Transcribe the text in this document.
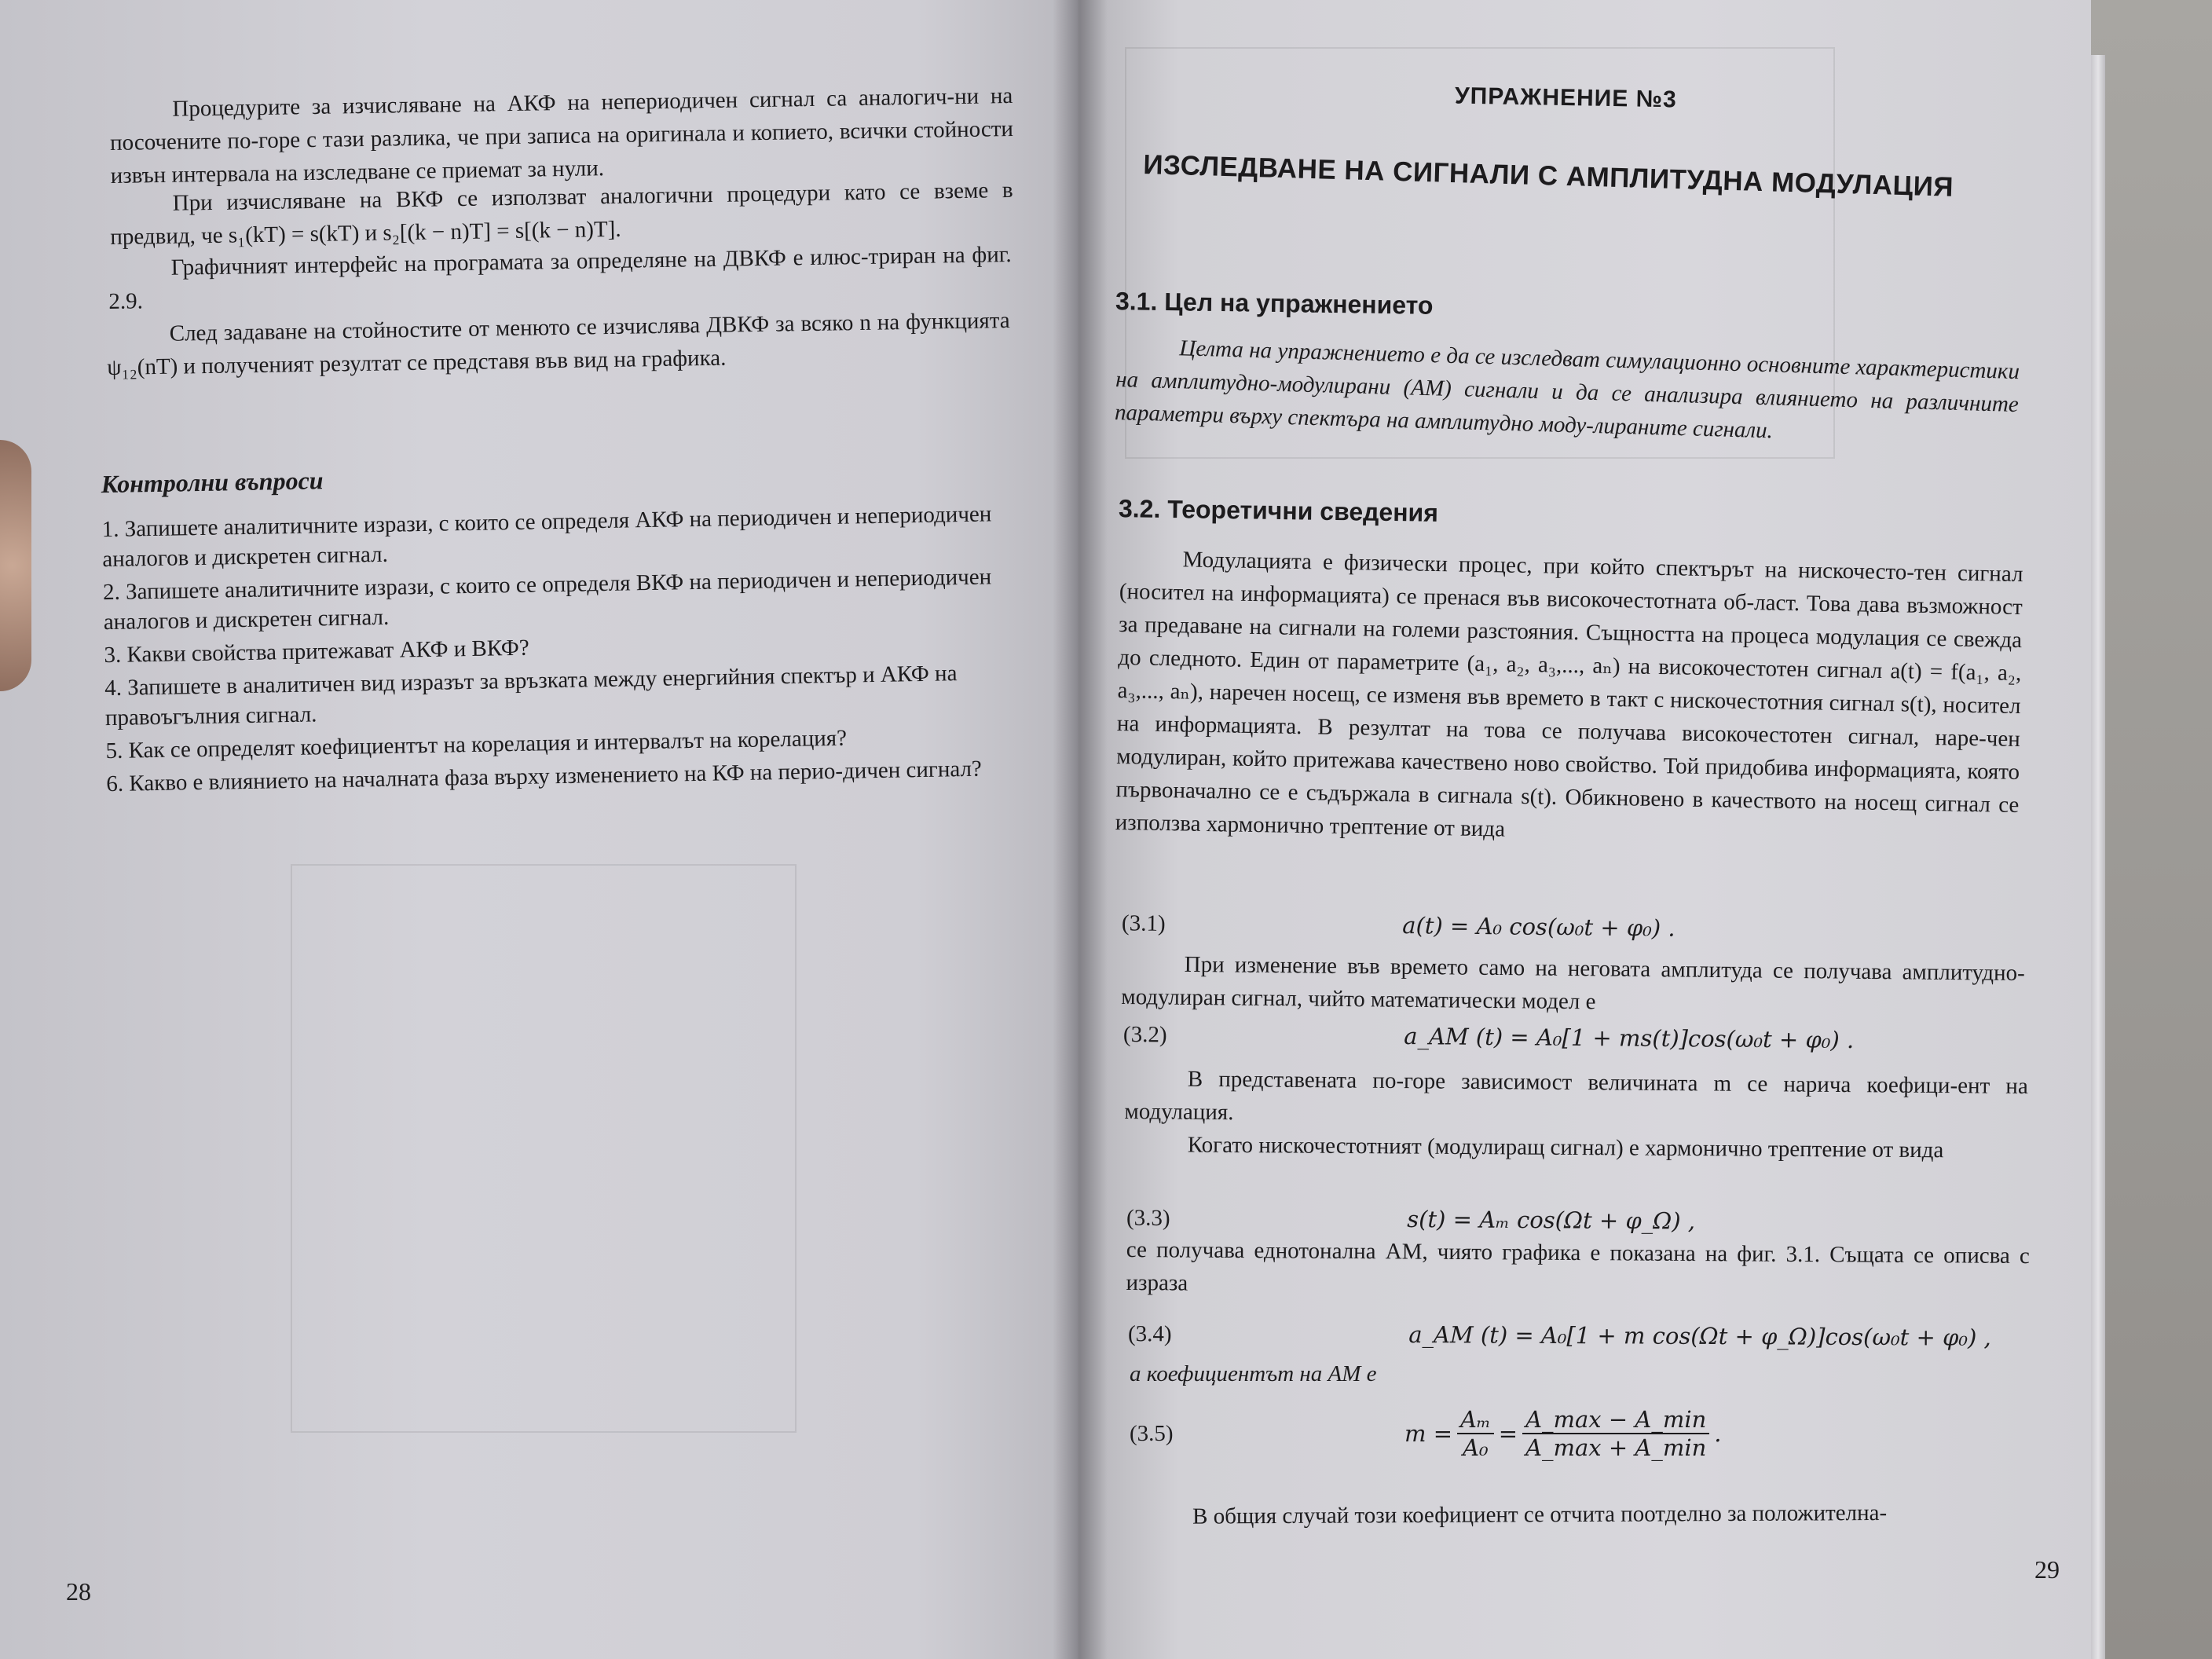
Процедурите за изчисляване на АКФ на непериодичен сигнал са аналогич-ни на посочените по-горе с тази разлика, че при записа на оригинала и копието, всички стойности извън интервала на изследване се приемат за нули.

При изчисляване на ВКФ се използват аналогични процедури като се вземе в предвид, че s₁(kT) = s(kT) и s₂[(k − n)T] = s[(k − n)T].

Графичният интерфейс на програмата за определяне на ДВКФ е илюс-триран на фиг. 2.9.

След задаване на стойностите от менюто се изчислява ДВКФ за всяко n на функцията ψ₁₂(nT) и полученият резултат се представя във вид на графика.

Контролни въпроси

1. Запишете аналитичните изрази, с които се определя АКФ на периодичен и непериодичен аналогов и дискретен сигнал.

2. Запишете аналитичните изрази, с които се определя ВКФ на периодичен и непериодичен аналогов и дискретен сигнал.

3. Какви свойства притежават АКФ и ВКФ?

4. Запишете в аналитичен вид изразът за връзката между енергийния спектър и АКФ на правоъгълния сигнал.

5. Как се определят коефициентът на корелация и интервалът на корелация?

6. Какво е влиянието на началната фаза върху изменението на КФ на перио-дичен сигнал?

28
УПРАЖНЕНИЕ №3
ИЗСЛЕДВАНЕ НА СИГНАЛИ С АМПЛИТУДНА МОДУЛАЦИЯ
3.1. Цел на упражнението

Целта на упражнението е да се изследват симулационно основните характеристики на амплитудно-модулирани (АМ) сигнали и да се анализира влиянието на различните параметри върху спектъра на амплитудно моду-лираните сигнали.

3.2. Теоретични сведения

Модулацията е физически процес, при който спектърът на нискочесто-тен сигнал (носител на информацията) се пренася във високочестотната об-ласт. Това дава възможност за предаване на сигнали на големи разстояния. Същността на процеса модулация се свежда до следното. Един от параметрите (a₁, a₂, a₃,..., aₙ) на високочестотен сигнал a(t) = f(a₁, a₂, a₃,..., aₙ), наречен носещ, се изменя във времето в такт с нискочестотния сигнал s(t), носител на информацията. В резултат на това се получава високочестотен сигнал, наре-чен модулиран, който притежава качествено ново свойство. Той придобива информацията, която първоначално се е съдържала в сигнала s(t). Обикновено в качеството на носещ сигнал се използва хармонично трептение от вида

(3.1)	a(t) = A₀ cos(ω₀t + φ₀) .

При изменение във времето само на неговата амплитуда се получава амплитудно-модулиран сигнал, чийто математически модел е

(3.2)	a_AM (t) = A₀[1 + ms(t)]cos(ω₀t + φ₀) .

В представената по-горе зависимост величината m се нарича коефици-ент на модулация.

Когато нискочестотният (модулиращ сигнал) е хармонично трептение от вида

(3.3)	s(t) = Aₘ cos(Ωt + φ_Ω) ,

се получава еднотонална АМ, чиято графика е показана на фиг. 3.1. Същата се описва с израза

(3.4)	a_AM (t) = A₀[1 + m cos(Ωt + φ_Ω)]cos(ω₀t + φ₀) ,

а коефициентът на АМ е

(3.5)	$m = \frac{\text{Aₘ}}{\text{A₀}} = \frac{A\_\max - A\_\min}{A\_\max + A\_\min}$ .

В общия случай този коефициент се отчита поотделно за положителна-

29
